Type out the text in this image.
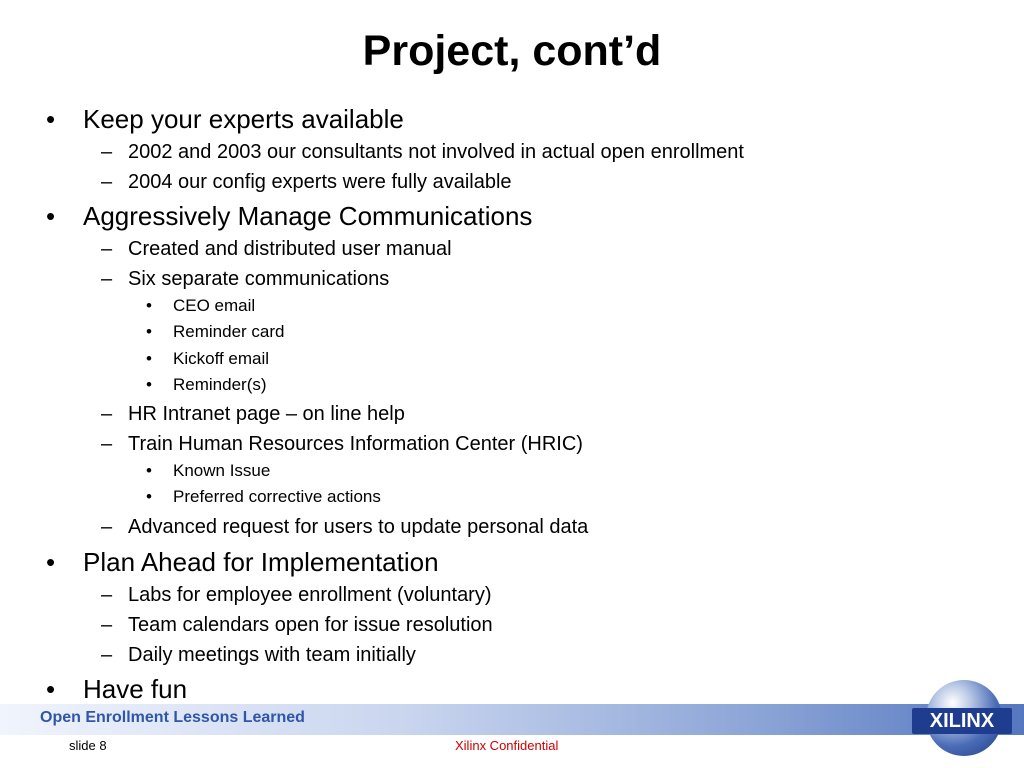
Project, cont’d
• Keep your experts available
– 2002 and 2003 our consultants not involved in actual open enrollment
– 2004 our config experts were fully available
• Aggressively Manage Communications
– Created and distributed user manual
– Six separate communications
• CEO email
• Reminder card
• Kickoff email
• Reminder(s)
– HR Intranet page – on line help
– Train Human Resources Information Center (HRIC)
• Known Issue
• Preferred corrective actions
– Advanced request for users to update personal data
• Plan Ahead for Implementation
– Labs for employee enrollment (voluntary)
– Team calendars open for issue resolution
– Daily meetings with team initially
• Have fun
Open Enrollment Lessons Learned
slide 8	Xilinx Confidential
XILINX
